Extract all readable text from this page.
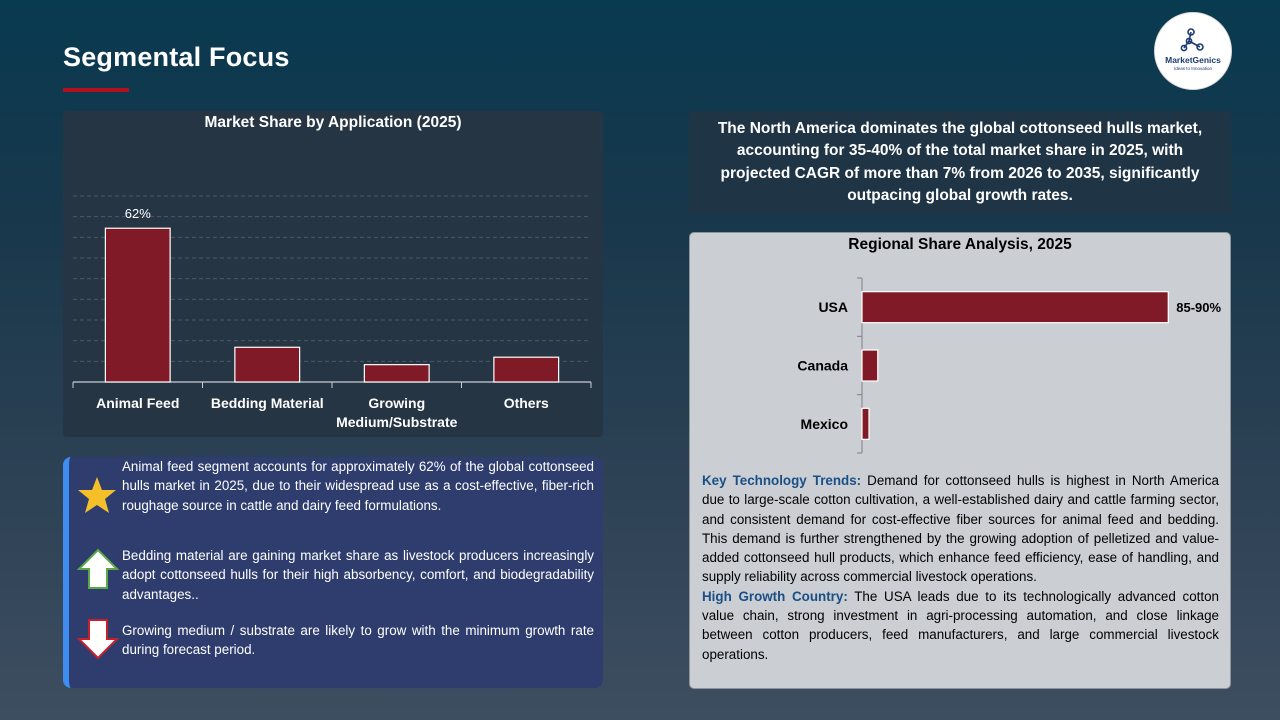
Segmental Focus	MarketGenics
Ideas to Innovation
62%
Animal Feed Bedding Material	Growing
Medium/Substrate
Others
Market Share by Application (2025)
Animal feed segment accounts for approximately 62% of the global cottonseed hulls market in 2025, due to their widespread use as a cost-effective, fiber-rich roughage source in cattle and dairy feed formulations.
Bedding material are gaining market share as livestock producers increasingly adopt cottonseed hulls for their high absorbency, comfort, and biodegradability advantages..
Growing medium / substrate are likely to grow with the minimum growth rate during forecast period.
The North America dominates the global cottonseed hulls market, accounting for 35-40% of the total market share in 2025, with projected CAGR of more than 7% from 2026 to 2035, significantly outpacing global growth rates.
USA	85-90%
Canada
Mexico
Regional Share Analysis, 2025
Key Technology Trends: Demand for cottonseed hulls is highest in North America due to large-scale cotton cultivation, a well-established dairy and cattle farming sector, and consistent demand for cost-effective fiber sources for animal feed and bedding. This demand is further strengthened by the growing adoption of pelletized and value-added cottonseed hull products, which enhance feed efficiency, ease of handling, and supply reliability across commercial livestock operations.
High Growth Country: The USA leads due to its technologically advanced cotton value chain, strong investment in agri-processing automation, and close linkage between cotton producers, feed manufacturers, and large commercial livestock operations.
